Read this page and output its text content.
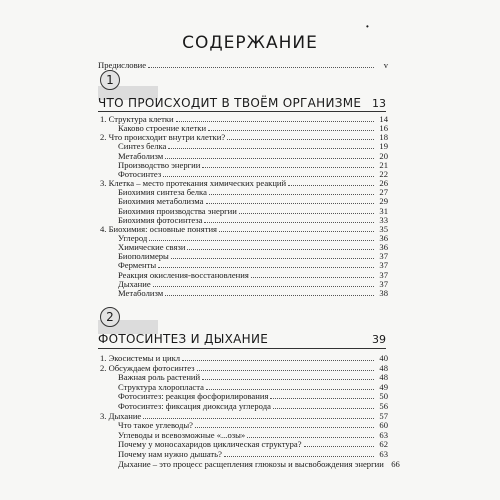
•
СОДЕРЖАНИЕ
Предисловие	v
1
ЧТО ПРОИСХОДИТ В ТВОЁМ ОРГАНИЗМЕ 13
1. Структура клетки	14
Каково строение клетки	16
2. Что происходит внутри клетки?	18
Синтез белка	19
Метаболизм	20
Производство энергии	21
Фотосинтез	22
3. Клетка – место протекания химических реакций	26
Биохимия синтеза белка	27
Биохимия метаболизма	29
Биохимия производства энергии	31
Биохимия фотосинтеза	33
4. Биохимия: основные понятия	35
Углерод	36
Химические связи	36
Биополимеры	37
Ферменты	37
Реакция окисления-восстановления	37
Дыхание	37
Метаболизм	38
2
ФОТОСИНТЕЗ И ДЫХАНИЕ	39
1. Экосистемы и цикл	40
2. Обсуждаем фотосинтез	48
Важная роль растений	48
Структура хлоропласта	49
Фотосинтез: реакция фосфорилирования	50
Фотосинтез: фиксация диоксида углерода	56
3. Дыхание	57
Что такое углеводы?	60
Углеводы и всевозможные «...озы»	63
Почему у моносахаридов циклическая структура?	62
Почему нам нужно дышать?	63
Дыхание – это процесс расщепления глюкозы и высвобождения энергии 66
